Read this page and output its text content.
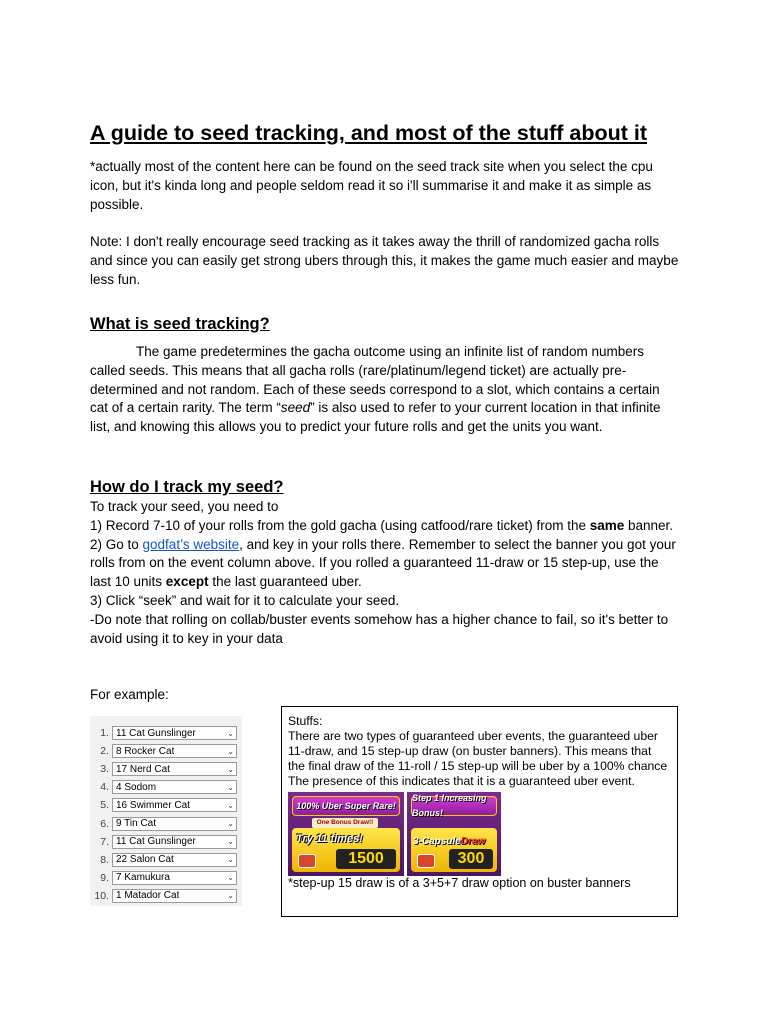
A guide to seed tracking, and most of the stuff about it

*actually most of the content here can be found on the seed track site when you select the cpu icon, but it's kinda long and people seldom read it so i'll summarise it and make it as simple as possible.

Note: I don't really encourage seed tracking as it takes away the thrill of randomized gacha rolls and since you can easily get strong ubers through this, it makes the game much easier and maybe less fun.

What is seed tracking?

The game predetermines the gacha outcome using an infinite list of random numbers called seeds. This means that all gacha rolls (rare/platinum/legend ticket) are actually pre-determined and not random. Each of these seeds correspond to a slot, which contains a certain cat of a certain rarity. The term “seed” is also used to refer to your current location in that infinite list, and knowing this allows you to predict your future rolls and get the units you want.

How do I track my seed?
To track your seed, you need to
1) Record 7-10 of your rolls from the gold gacha (using catfood/rare ticket) from the same banner.
2) Go to godfat’s website, and key in your rolls there. Remember to select the banner you got your rolls from on the event column above. If you rolled a guaranteed 11-draw or 15 step-up, use the last 10 units except the last guaranteed uber.
3) Click “seek” and wait for it to calculate your seed.
-Do note that rolling on collab/buster events somehow has a higher chance to fail, so it's better to avoid using it to key in your data

For example:

1. 11 Cat Gunslinger	⌄
2. 8 Rocker Cat	⌄
3. 17 Nerd Cat	⌄
4. 4 Sodom	⌄
5. 16 Swimmer Cat	⌄
6. 9 Tin Cat	⌄
7. 11 Cat Gunslinger	⌄
8. 22 Salon Cat	⌄
9. 7 Kamukura	⌄
10. 1 Matador Cat	⌄

Stuffs:

There are two types of guaranteed uber events, the guaranteed uber 11-draw, and 15 step-up draw (on buster banners). This means that the final draw of the 11-roll / 15 step-up will be uber by a 100% chance

The presence of this indicates that it is a guaranteed uber event.

100% Uber Super Rare!
One Bonus Draw!!
Try 11 times!
1500
Step 1 Increasing Bonus!
3-CapsuleDraw
300

*step-up 15 draw is of a 3+5+7 draw option on buster banners
